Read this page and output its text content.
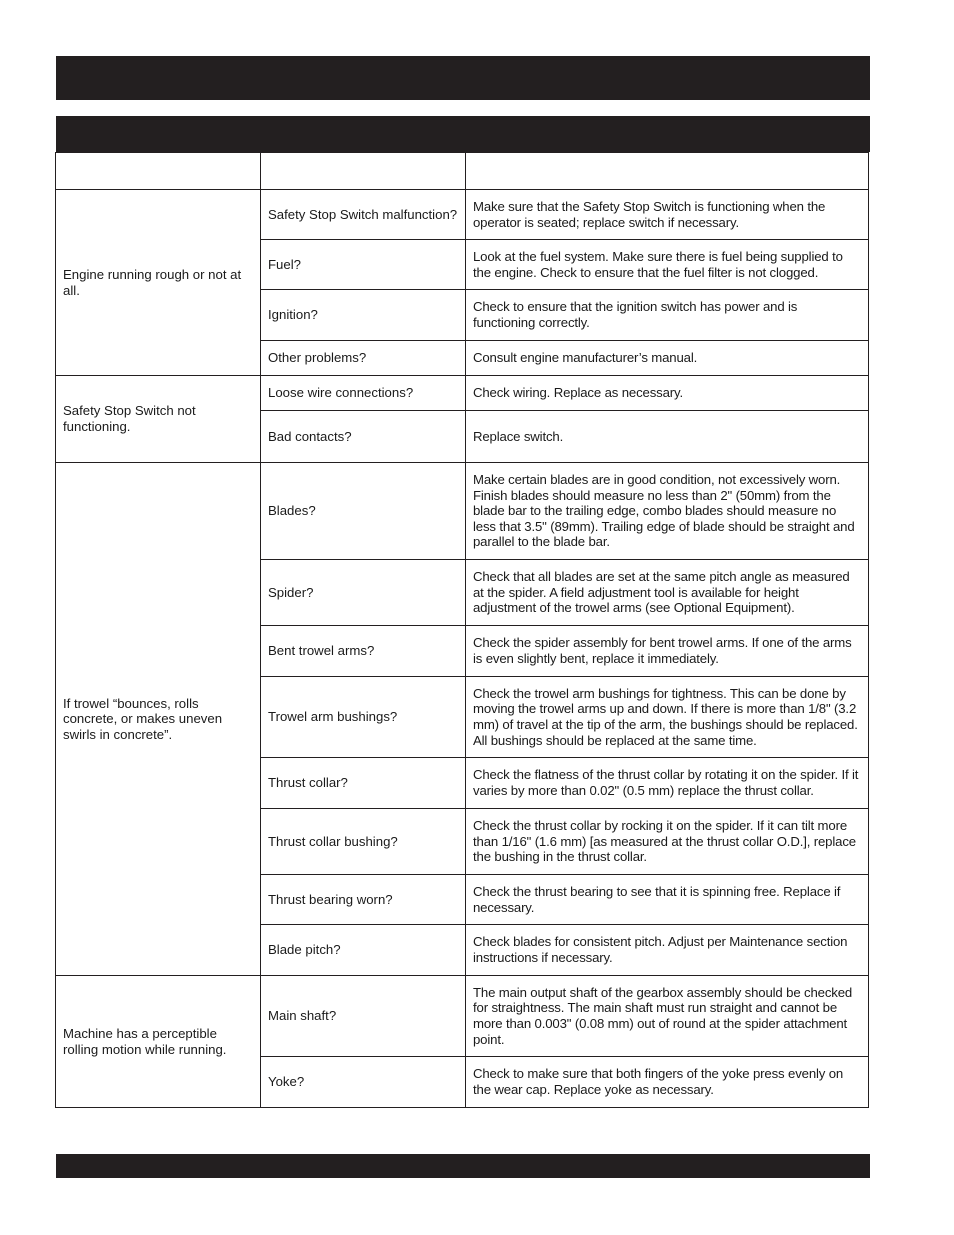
Engine running rough or not at all.	Safety Stop Switch malfunction?	Make sure that the Safety Stop Switch is functioning when the operator is seated; replace switch if necessary.
	Fuel?	Look at the fuel system. Make sure there is fuel being supplied to the engine. Check to ensure that the fuel filter is not clogged.
	Ignition?	Check to ensure that the ignition switch has power and is functioning correctly.
	Other problems?	Consult engine manufacturer’s manual.
Safety Stop Switch not functioning.	Loose wire connections?	Check wiring. Replace as necessary.
	Bad contacts?	Replace switch.
If trowel “bounces, rolls concrete, or makes uneven swirls in concrete”.	Blades?	Make certain blades are in good condition, not excessively worn. Finish blades should measure no less than 2" (50mm) from the blade bar to the trailing edge, combo blades should measure no less that 3.5" (89mm). Trailing edge of blade should be straight and parallel to the blade bar.
	Spider?	Check that all blades are set at the same pitch angle as measured at the spider. A field adjustment tool is available for height adjustment of the trowel arms (see Optional Equipment).
	Bent trowel arms?	Check the spider assembly for bent trowel arms. If one of the arms is even slightly bent, replace it immediately.
	Trowel arm bushings?	Check the trowel arm bushings for tightness. This can be done by moving the trowel arms up and down. If there is more than 1/8" (3.2 mm) of travel at the tip of the arm, the bushings should be replaced. All bushings should be replaced at the same time.
	Thrust collar?	Check the flatness of the thrust collar by rotating it on the spider. If it varies by more than 0.02" (0.5 mm) replace the thrust collar.
	Thrust collar bushing?	Check the thrust collar by rocking it on the spider. If it can tilt more than 1/16" (1.6 mm) [as measured at the thrust collar O.D.], replace the bushing in the thrust collar.
	Thrust bearing worn?	Check the thrust bearing to see that it is spinning free. Replace if necessary.
	Blade pitch?	Check blades for consistent pitch. Adjust per Maintenance section instructions if necessary.
Machine has a perceptible rolling motion while running.	Main shaft?	The main output shaft of the gearbox assembly should be checked for straightness. The main shaft must run straight and cannot be more than 0.003" (0.08 mm) out of round at the spider attachment point.
	Yoke?	Check to make sure that both fingers of the yoke press evenly on the wear cap. Replace yoke as necessary.
